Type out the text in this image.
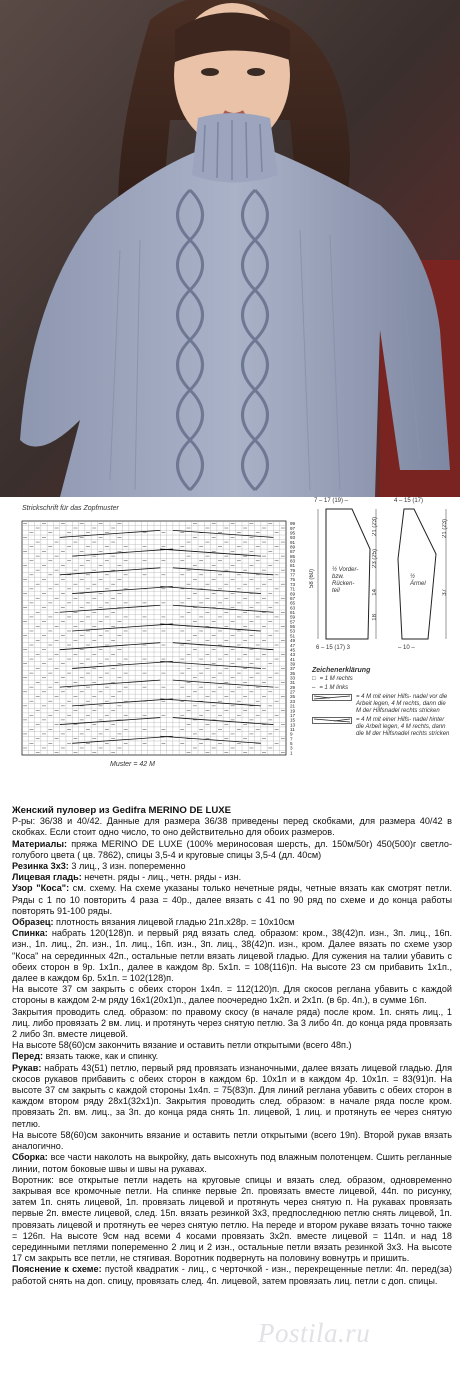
Strickschrift für das Zopfmuster
99
97
95
93
91
89
87
85
83
81
79
77
75
73
71
69
67
65
63
61
59
57
55
53
51
49
47
45
43
41
39
37
35
33
31
29
27
25
23
21
19
17
15
13
11
9
7
5
3
1
Muster = 42 M
7 – 17 (19) –
½ Vorder- bzw. Rücken- teil
58 (60)
21 (23)
23 (25)
14
18
6 – 15 (17) 3
4 – 15 (17)
½ Ärmel
21 (23)
37
– 10 –
Zeichenerklärung
□ = 1 M rechts
– = 1 M links
= 4 M mit einer Hilfs- nadel vor die Arbeit legen, 4 M rechts, dann die M der Hilfsnadel rechts stricken
= 4 M mit einer Hilfs- nadel hinter die Arbeit legen, 4 M rechts, dann die M der Hilfsnadel rechts stricken

Женский пуловер из Gedifra MERINO DE LUXE

Р-ры: 36/38 и 40/42. Данные для размера 36/38 приведены перед скобками, для размера 40/42 в скобках. Если стоит одно число, то оно действительно для обоих размеров.

Материалы: пряжа MERINO DE LUXE (100% мериносовая шерсть, дл. 150м/50г) 450(500)г светло-голубого цвета ( цв. 7862), спицы 3,5-4 и круговые спицы 3,5-4 (дл. 40см)

Резинка 3х3: 3 лиц., 3 изн. попеременно

Лицевая гладь: нечетн. ряды - лиц., четн. ряды - изн.

Узор "Коса": см. схему. На схеме указаны только нечетные ряды, четные вязать как смотрят петли. Ряды с 1 по 10 повторить 4 раза = 40р., далее вязать с 41 по 90 ряд по схеме и до конца работы повторять 91-100 ряды.

Образец: плотность вязания лицевой гладью 21п.х28р. = 10х10см

Спинка: набрать 120(128)п. и первый ряд вязать след. образом: кром., 38(42)п. изн., 3п. лиц., 16п. изн., 1п. лиц., 2п. изн., 1п. лиц., 16п. изн., 3п. лиц., 38(42)п. изн., кром. Далее вязать по схеме узор "Коса" на серединных 42п., остальные петли вязать лицевой гладью. Для сужения на талии убавить с обеих сторон в 9р. 1х1п., далее в каждом 8р. 5х1п. = 108(116)п. На высоте 23 см прибавить 1х1п., далее в каждом 6р. 5х1п. = 102(128)п.

На высоте 37 см закрыть с обеих сторон 1х4п. = 112(120)п. Для скосов реглана убавить с каждой стороны в каждом 2-м ряду 16х1(20х1)п., далее поочередно 1х2п. и 2х1п. (в 6р. 4п.), в сумме 16п.

Закрытия проводить след. образом: по правому скосу (в начале ряда) после кром. 1п. снять лиц., 1 лиц. либо провязать 2 вм. лиц. и протянуть через снятую петлю. За 3 либо 4п. до конца ряда провязать 2 либо 3п. вместе лицевой.

На высоте 58(60)см закончить вязание и оставить петли открытыми (всего 48п.)

Перед: вязать также, как и спинку.

Рукав: набрать 43(51) петлю, первый ряд провязать изнаночными, далее вязать лицевой гладью. Для скосов рукавов прибавить с обеих сторон в каждом 6р. 10х1п и в каждом 4р. 10х1п. = 83(91)п. На высоте 37 см закрыть с каждой стороны 1х4п. = 75(83)п. Для линий реглана убавить с обеих сторон в каждом втором ряду 28х1(32х1)п. Закрытия проводить след. образом: в начале ряда после кром. провязать 2п. вм. лиц., за 3п. до конца ряда снять 1п. лицевой, 1 лиц. и протянуть ее через снятую петлю.

На высоте 58(60)см закончить вязание и оставить петли открытыми (всего 19п). Второй рукав вязать аналогично.

Сборка: все части наколоть на выкройку, дать высохнуть под влажным полотенцем. Сшить регланные линии, потом боковые швы и швы на рукавах.

Воротник: все открытые петли надеть на круговые спицы и вязать след. образом, одновременно закрывая все кромочные петли. На спинке первые 2п. провязать вместе лицевой, 44п. по рисунку, затем 1п. снять лицевой, 1п. провязать лицевой и протянуть через снятую п. На рукавах провязать первые 2п. вместе лицевой, след. 15п. вязать резинкой 3х3, предпоследнюю петлю снять лицевой, 1п. провязать лицевой и протянуть ее через снятую петлю. На переде и втором рукаве вязать точно также = 126п. На высоте 9см над всеми 4 косами провязать 3х2п. вместе лицевой = 114п. и над 18 серединными петлями попеременно 2 лиц и 2 изн., остальные петли вязать резинкой 3х3. На высоте 17 см закрыть все петли, не стягивая. Воротник подвернуть на половину вовнутрь и пришить.

Пояснение к схеме: пустой квадратик - лиц., с черточкой - изн., перекрещенные петли: 4п. перед(за) работой снять на доп. спицу, провязать след. 4п. лицевой, затем провязать лиц. петли с доп. спицы.

Postila.ru
